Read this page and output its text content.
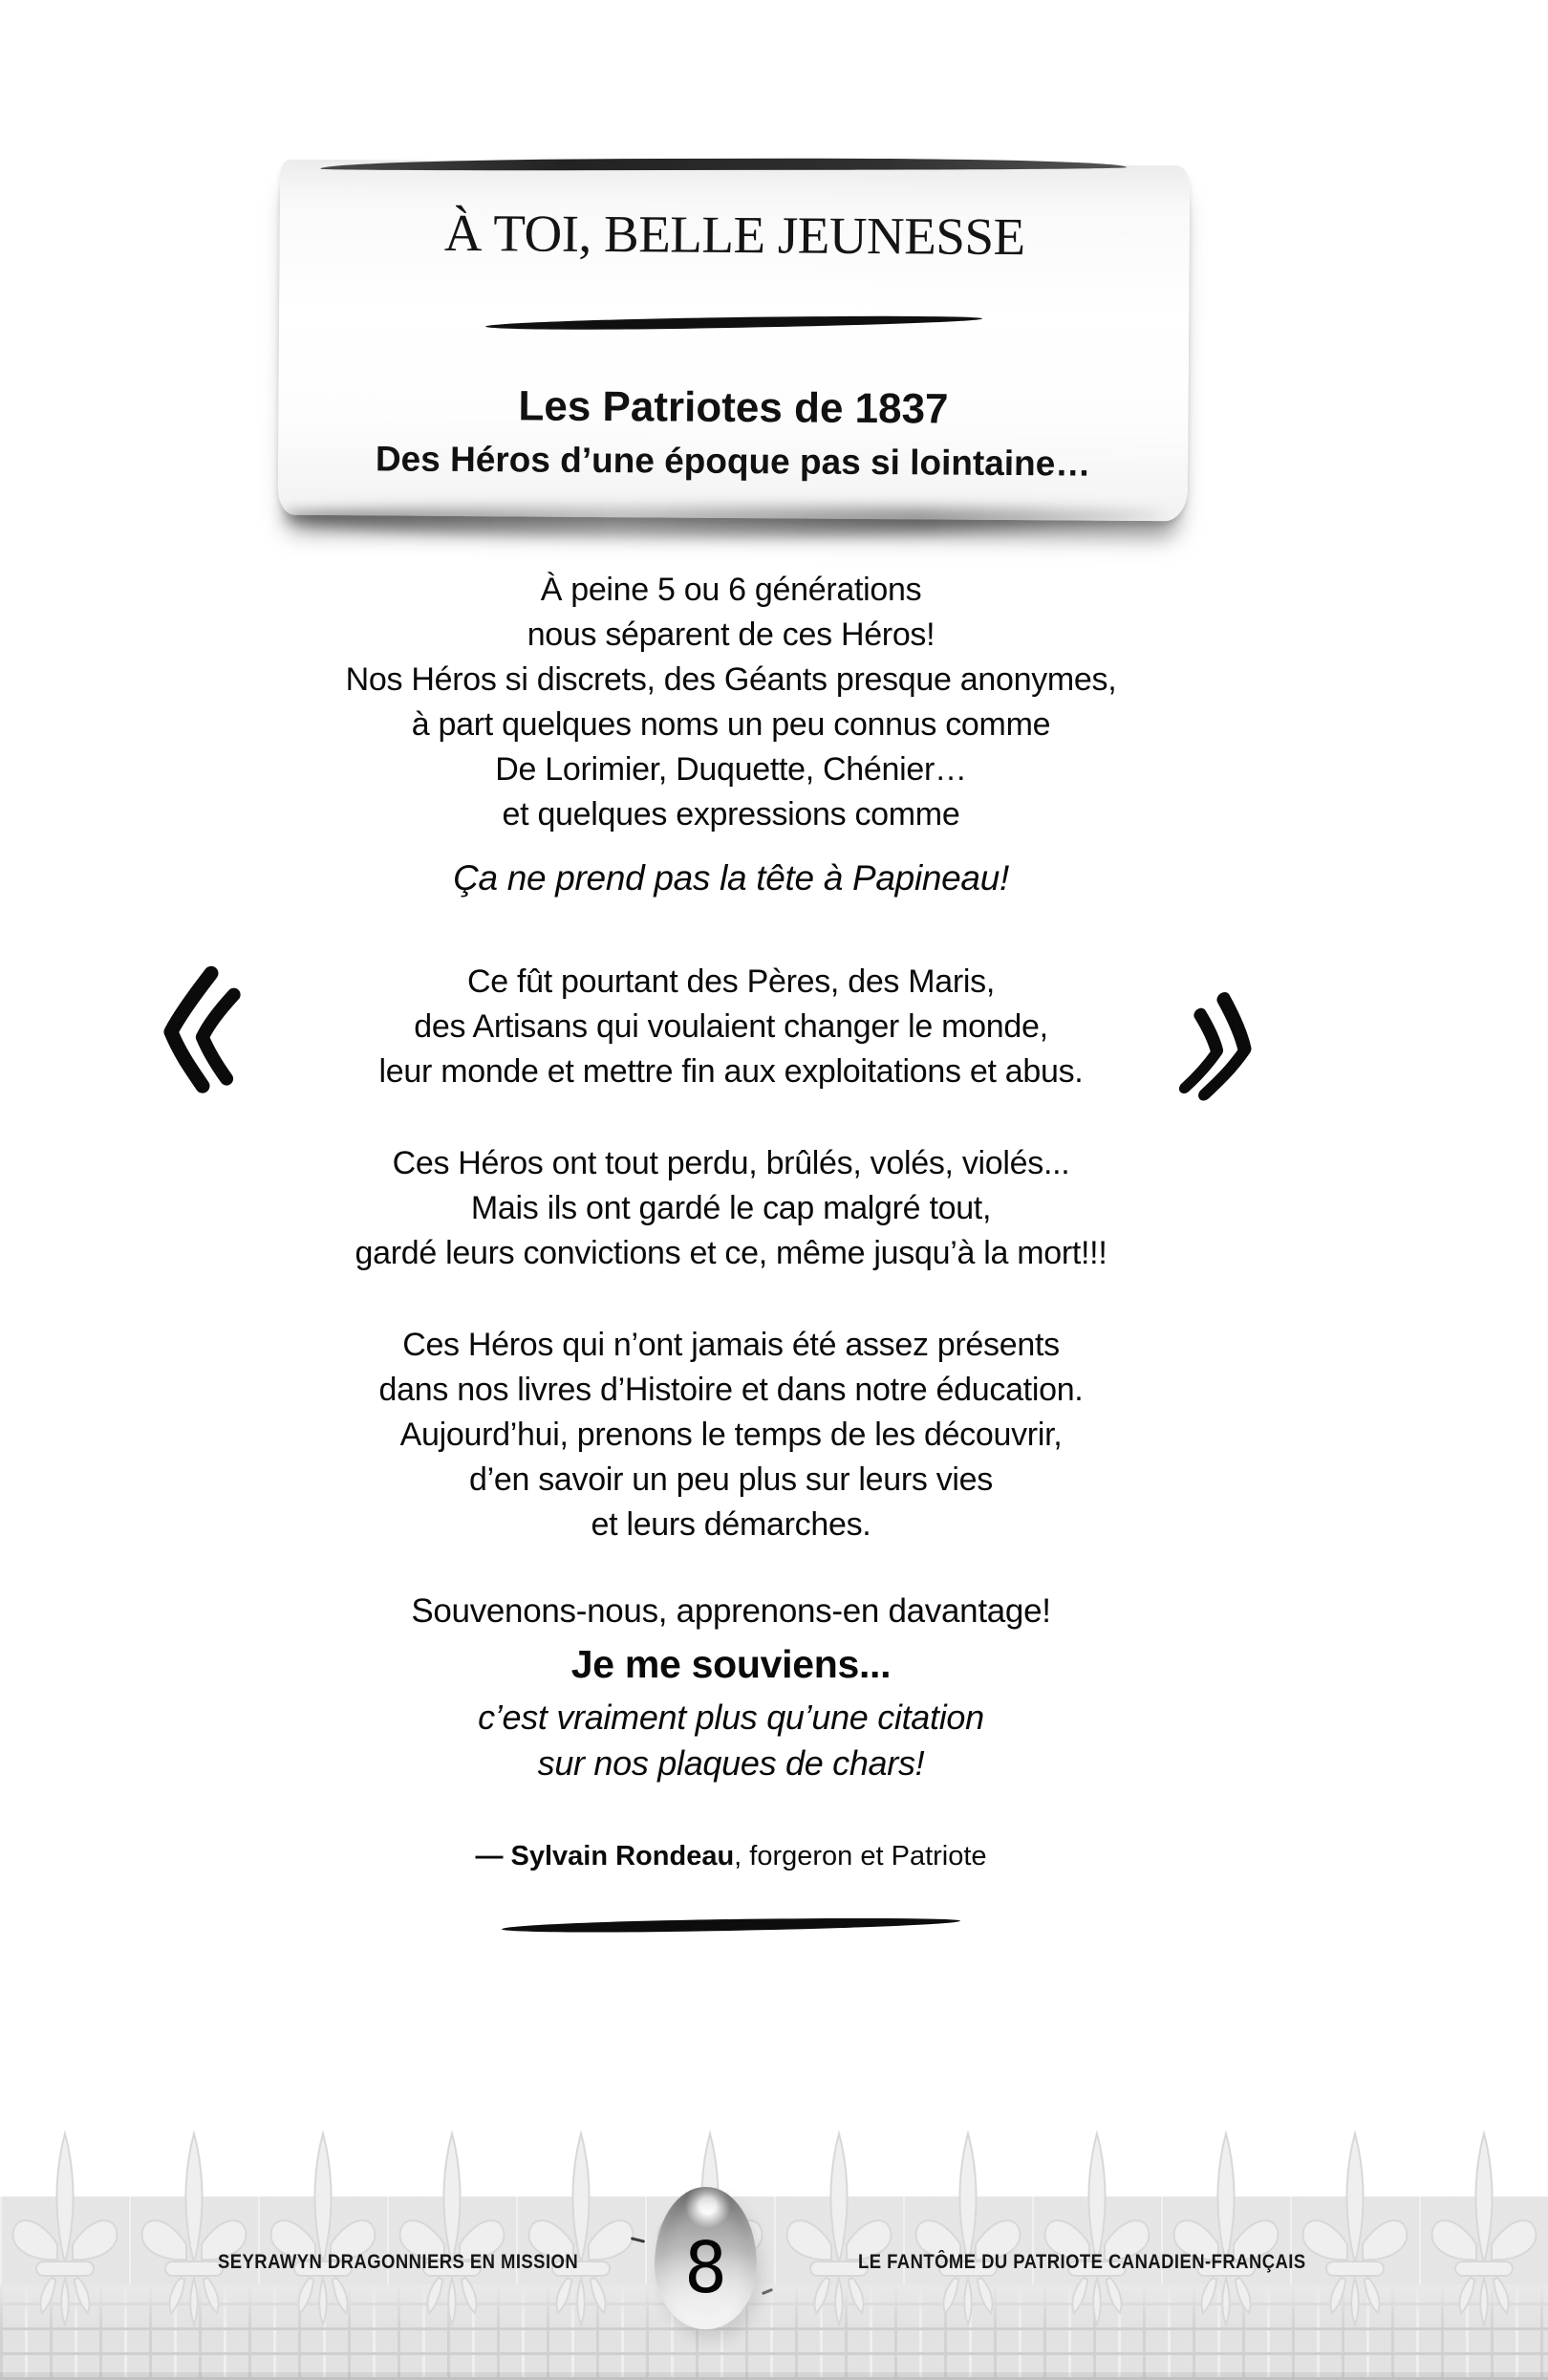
À TOI, BELLE JEUNESSE
Les Patriotes de 1837
Des Héros d’une époque pas si lointaine…
À peine 5 ou 6 générations
nous séparent de ces Héros!
Nos Héros si discrets, des Géants presque anonymes,
à part quelques noms un peu connus comme
De Lorimier, Duquette, Chénier…
et quelques expressions comme
Ça ne prend pas la tête à Papineau!
Ce fût pourtant des Pères, des Maris,
des Artisans qui voulaient changer le monde,
leur monde et mettre fin aux exploitations et abus.
Ces Héros ont tout perdu, brûlés, volés, violés...
Mais ils ont gardé le cap malgré tout,
gardé leurs convictions et ce, même jusqu’à la mort!!!
Ces Héros qui n’ont jamais été assez présents
dans nos livres d’Histoire et dans notre éducation.
Aujourd’hui, prenons le temps de les découvrir,
d’en savoir un peu plus sur leurs vies
et leurs démarches.
Souvenons-nous, apprenons-en davantage!
Je me souviens...
c’est vraiment plus qu’une citation
sur nos plaques de chars!
— Sylvain Rondeau, forgeron et Patriote
SEYRAWYN DRAGONNIERS EN MISSION	LE FANTÔME DU PATRIOTE CANADIEN-FRANÇAIS
8
